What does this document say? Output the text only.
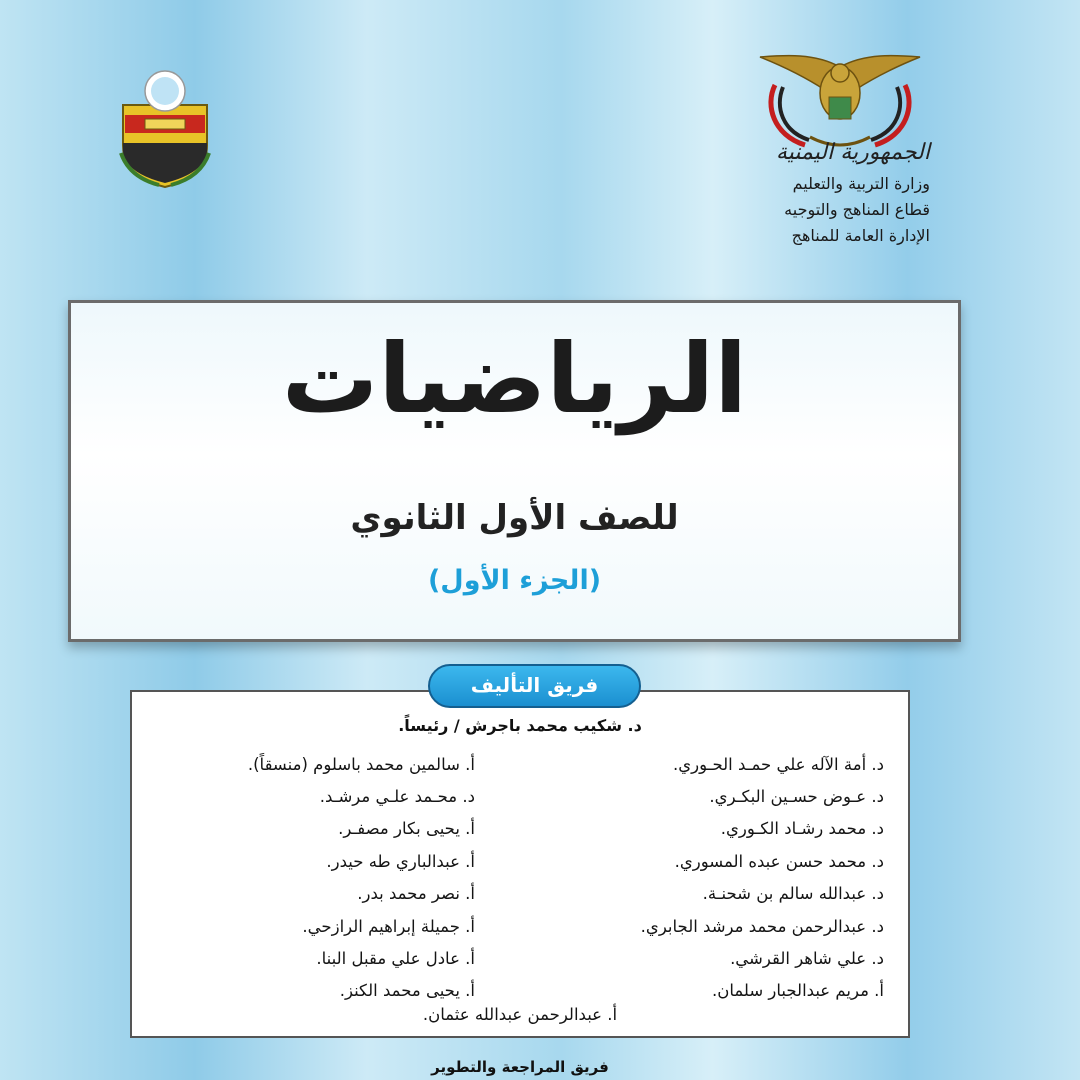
الجمهورية اليمنية
وزارة التربية والتعليم
قطاع المناهج والتوجيه
الإدارة العامة للمناهج
الرياضيات
للصف الأول الثانوي
(الجزء الأول)
فريق التأليف
د. شكيب محمد باجرش / رئيساً.
د. أمة الآله علي حمـد الحـوري.
أ. سالمين محمد باسلوم (منسقاً).
د. عـوض حسـين البكـري.
د. محـمد علـي مرشـد.
د. محمد رشـاد الكـوري.
أ. يحيى بكار مصفـر.
د. محمد حسن عبده المسوري.
أ. عبدالباري طه حيدر.
د. عبدالله سالم بن شحنـة.
أ. نصر محمد بدر.
د. عبدالرحمن محمد مرشد الجابري.
أ. جميلة إبراهيم الرازحي.
د. علي شاهر القرشي.
أ. عادل علي مقبل البنا.
أ. مريم عبدالجبار سلمان.
أ. يحيى محمد الكنز.
أ. عبدالرحمن عبدالله عثمان.
فريق المراجعة والتطوير
